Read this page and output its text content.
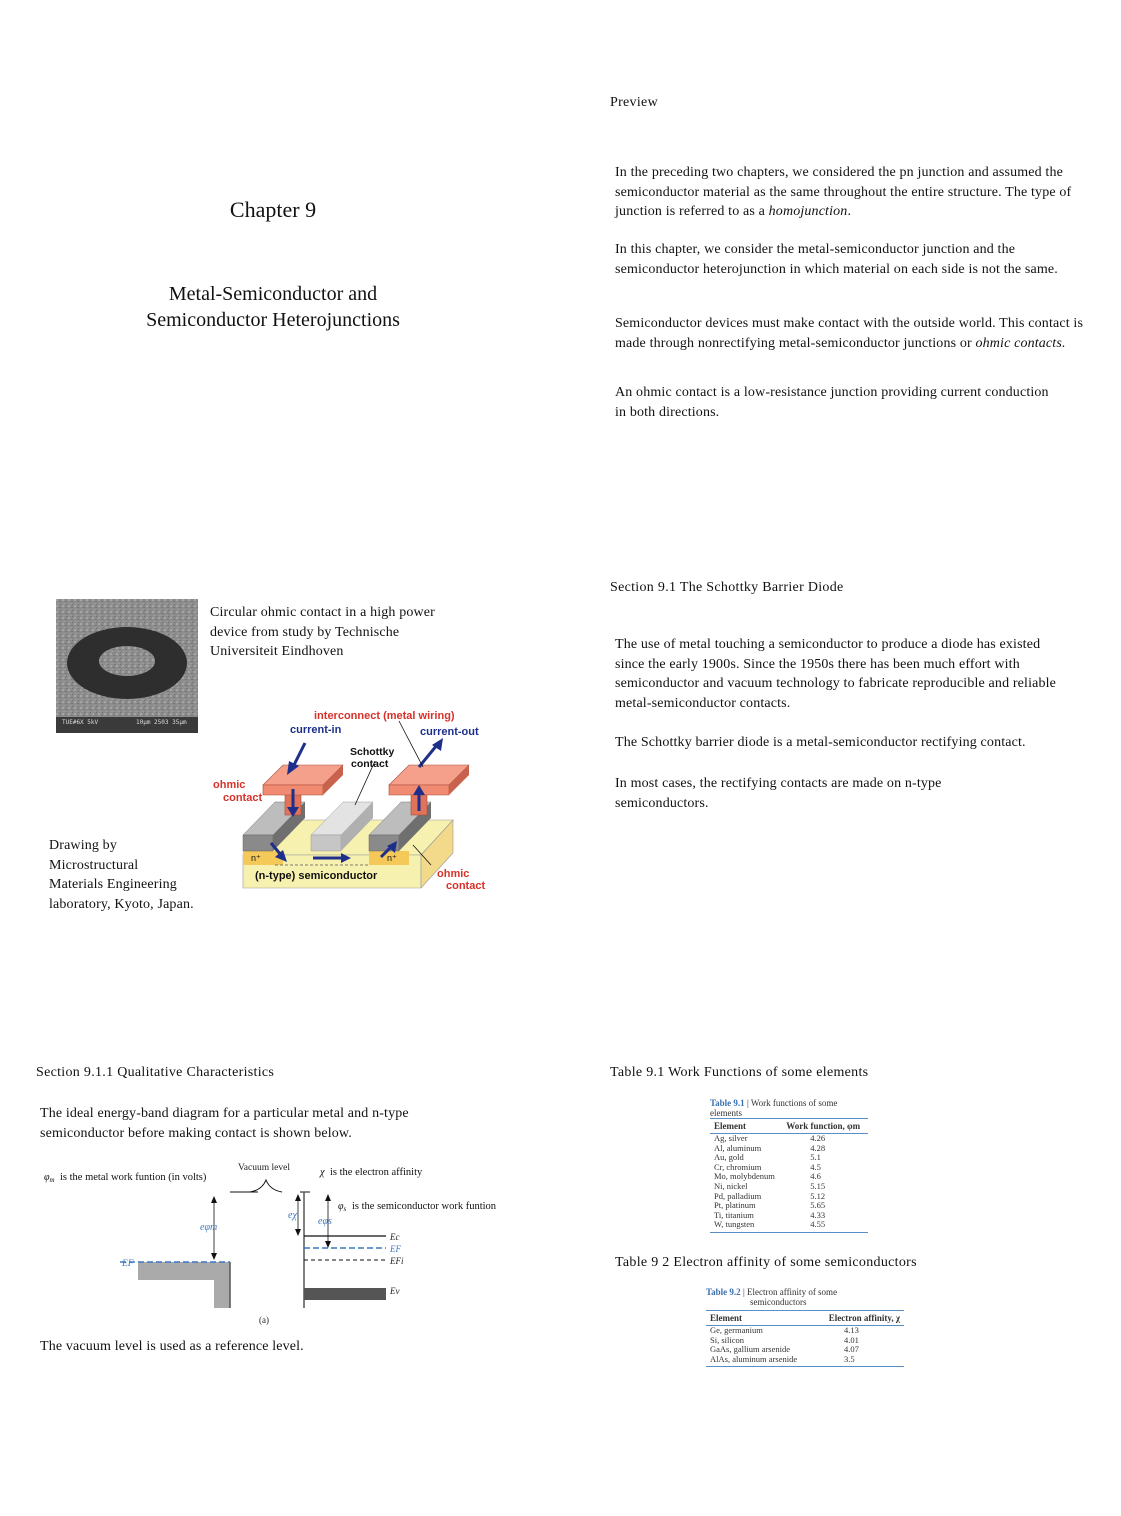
Chapter 9
Metal-Semiconductor and
Semiconductor Heterojunctions
Preview
In the preceding two chapters, we considered the pn junction and assumed the semiconductor material as the same throughout the entire structure. The type of junction is referred to as a homojunction.
In this chapter, we consider the metal-semiconductor junction and the semiconductor heterojunction in which material on each side is not the same.
Semiconductor devices must make contact with the outside world. This contact is made through nonrectifying metal-semiconductor junctions or ohmic contacts.
An ohmic contact is a low-resistance junction providing current conduction in both directions.
TUE#6X 5kV	10µm 2503 35µm
Circular ohmic contact in a high power device from study by Technische Universiteit Eindhoven
Drawing by
Microstructural
Materials Engineering
laboratory, Kyoto, Japan.
interconnect (metal wiring)
current-in	current-out
Schottky
contact
ohmic
contact
n⁺	n⁺
(n-type) semiconductor	ohmic
contact
Section 9.1 The Schottky Barrier Diode
The use of metal touching a semiconductor to produce a diode has existed since the early 1900s. Since the 1950s there has been much effort with semiconductor and vacuum technology to fabricate reproducible and reliable metal-semiconductor contacts.
The Schottky barrier diode is a metal-semiconductor rectifying contact.
In most cases, the rectifying contacts are made on n-type semiconductors.
Section 9.1.1 Qualitative Characteristics
The ideal energy-band diagram for a particular metal and n-type semiconductor before making contact is shown below.
Vacuum level
eφm
eχ
eφs
Ec
EF
EFi
Ev
EF
(a)
$\varphi_m$ is the metal work funtion (in volts)	χ is the electron affinity
$\varphi_s$ is the semiconductor work funtion
The vacuum level is used as a reference level.
Table 9.1 Work Functions of some elements
Table 9.1 | Work functions of some elements
Element	Work function, φm
Ag, silver	4.26
Al, aluminum	4.28
Au, gold	5.1
Cr, chromium	4.5
Mo, molybdenum	4.6
Ni, nickel	5.15
Pd, palladium	5.12
Pt, platinum	5.65
Ti, titanium	4.33
W, tungsten	4.55
Table 9 2 Electron affinity of some semiconductors
Table 9.2 | Electron affinity of some
semiconductors
Element	Electron affinity, χ
Ge, germanium	4.13
Si, silicon	4.01
GaAs, gallium arsenide	4.07
AlAs, aluminum arsenide	3.5
